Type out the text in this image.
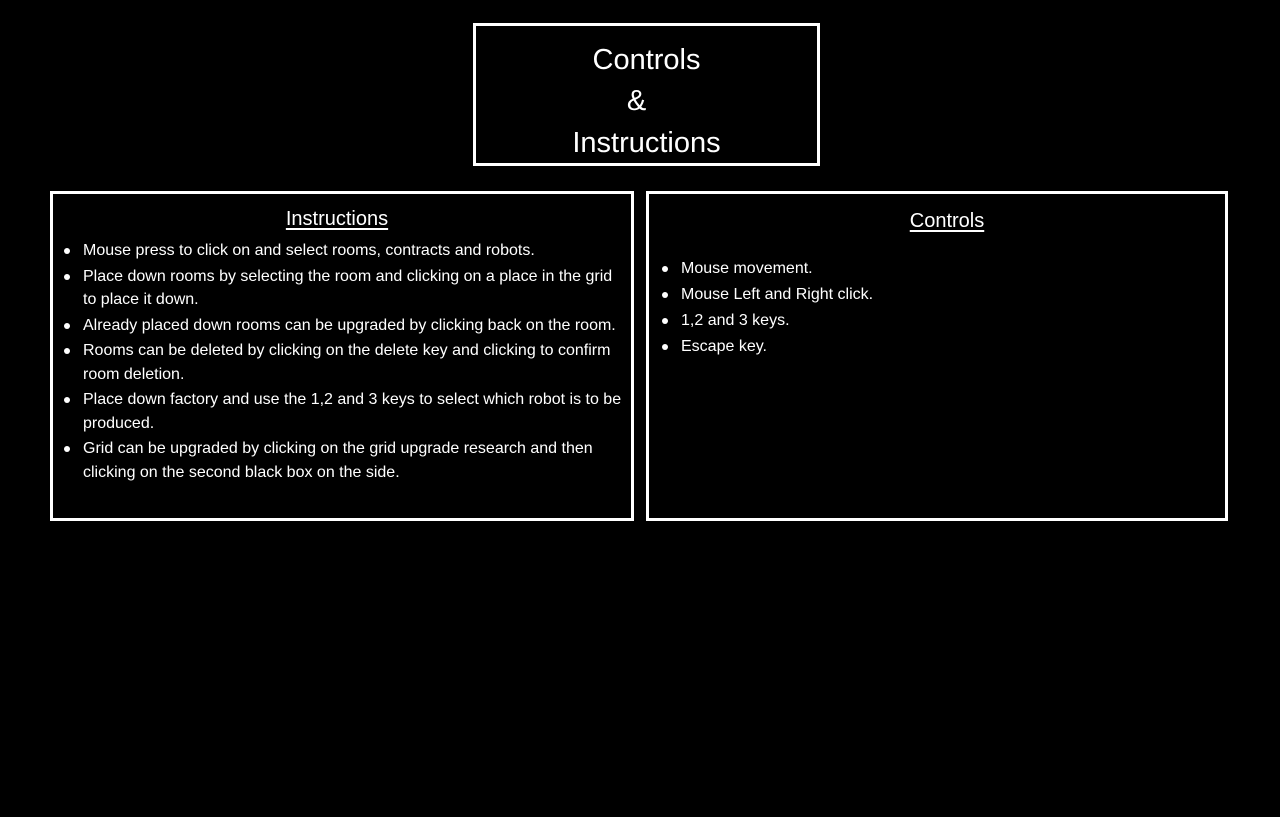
Controls
&
Instructions
Instructions
Mouse press to click on and select rooms, contracts and robots.
Place down rooms by selecting the room and clicking on a place in the grid to place it down.
Already placed down rooms can be upgraded by clicking back on the room.
Rooms can be deleted by clicking on the delete key and clicking to confirm room deletion.
Place down factory and use the 1,2 and 3 keys to select which robot is to be produced.
Grid can be upgraded by clicking on the grid upgrade research and then clicking on the second black box on the side.
Controls
Mouse movement.
Mouse Left and Right click.
1,2 and 3 keys.
Escape key.
